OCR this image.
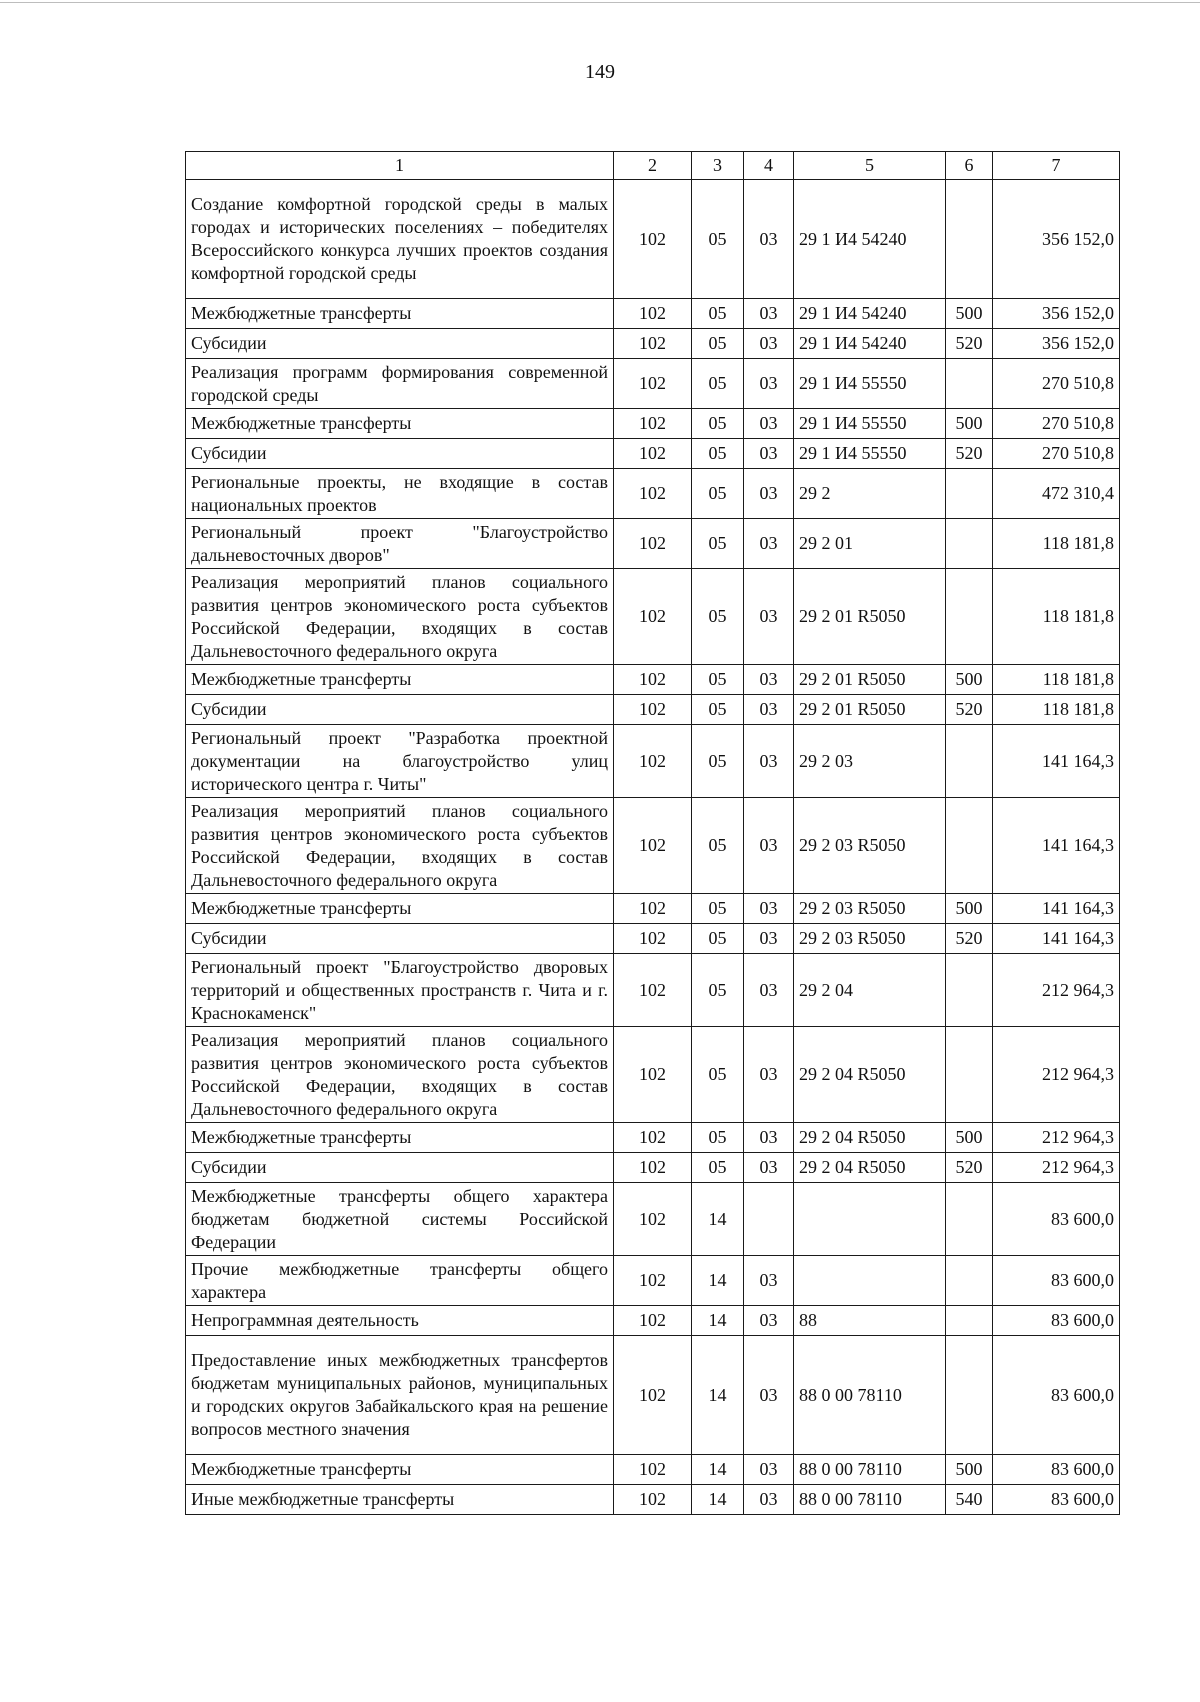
149
1	2	3	4	5	6	7
Создание комфортной городской среды в малых городах и исторических поселениях – победителях Всероссийского конкурса лучших проектов создания комфортной городской среды	102	05	03	29 1 И4 54240		356 152,0
Межбюджетные трансферты	102	05	03	29 1 И4 54240	500	356 152,0
Субсидии	102	05	03	29 1 И4 54240	520	356 152,0
Реализация программ формирования современной городской среды	102	05	03	29 1 И4 55550		270 510,8
Межбюджетные трансферты	102	05	03	29 1 И4 55550	500	270 510,8
Субсидии	102	05	03	29 1 И4 55550	520	270 510,8
Региональные проекты, не входящие в состав национальных проектов	102	05	03	29 2		472 310,4
Региональный проект "Благоустройство дальневосточных дворов"	102	05	03	29 2 01		118 181,8
Реализация мероприятий планов социального развития центров экономического роста субъектов Российской Федерации, входящих в состав Дальневосточного федерального округа	102	05	03	29 2 01 R5050		118 181,8
Межбюджетные трансферты	102	05	03	29 2 01 R5050	500	118 181,8
Субсидии	102	05	03	29 2 01 R5050	520	118 181,8
Региональный проект "Разработка проектной документации на благоустройство улиц исторического центра г. Читы"	102	05	03	29 2 03		141 164,3
Реализация мероприятий планов социального развития центров экономического роста субъектов Российской Федерации, входящих в состав Дальневосточного федерального округа	102	05	03	29 2 03 R5050		141 164,3
Межбюджетные трансферты	102	05	03	29 2 03 R5050	500	141 164,3
Субсидии	102	05	03	29 2 03 R5050	520	141 164,3
Региональный проект "Благоустройство дворовых территорий и общественных пространств г. Чита и г. Краснокаменск"	102	05	03	29 2 04		212 964,3
Реализация мероприятий планов социального развития центров экономического роста субъектов Российской Федерации, входящих в состав Дальневосточного федерального округа	102	05	03	29 2 04 R5050		212 964,3
Межбюджетные трансферты	102	05	03	29 2 04 R5050	500	212 964,3
Субсидии	102	05	03	29 2 04 R5050	520	212 964,3
Межбюджетные трансферты общего характера бюджетам бюджетной системы Российской Федерации	102	14				83 600,0
Прочие межбюджетные трансферты общего характера	102	14	03			83 600,0
Непрограммная деятельность	102	14	03	88		83 600,0
Предоставление иных межбюджетных трансфертов бюджетам муниципальных районов, муниципальных и городских округов Забайкальского края на решение вопросов местного значения	102	14	03	88 0 00 78110		83 600,0
Межбюджетные трансферты	102	14	03	88 0 00 78110	500	83 600,0
Иные межбюджетные трансферты	102	14	03	88 0 00 78110	540	83 600,0
